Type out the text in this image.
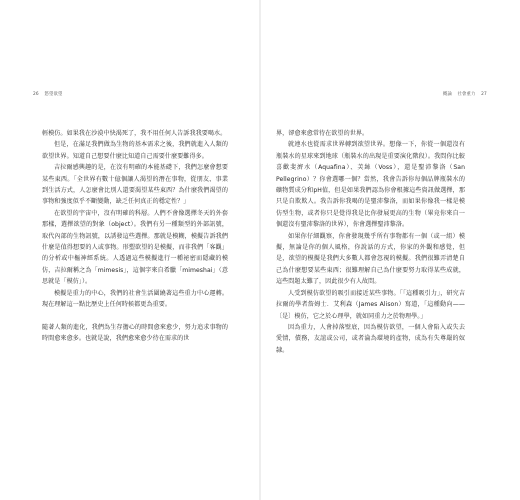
26 慾望欲望

輕模仿。如果我在沙漠中快渴死了，我不用任何人告訴我我要喝水。

但是，在滿足我們做為生物的基本需求之後，我們就進入人類的欲望世界。知道自己想要什麼比知道自己需要什麼要難得多。

吉拉爾感興趣的是，在沒有明確的本能基礎下，我們怎麼會想要某些東西。「全世界有數十億個讓人渴望的潛在事物，從朋友、事業到生活方式，人怎麼會比別人還要渴望某些東西？為什麼我們渴望的事物和強度似乎不斷變動，缺乏任何真正的穩定性？」

在欲望的宇宙中，沒有明確的科層。人們不會像選擇冬天的外套那樣，選擇欲望的對象（object）。我們有另一種類型的外部訊號，取代內部的生物訊號，以誘發這些選擇。那就是模糊，模擬告訴我們什麼是值得想要的人或事物。形塑欲望的是模擬，而非我們「客觀」的分析或中樞神經系統。人透過這些模擬進行一種祕密而隱藏的模仿，吉拉爾稱之為「mimesis」，這個字來自希臘「mimeshai」（意思就是「模仿」）。

模擬是重力的中心，我們的社會生活圍繞著這些重力中心運轉。現在理解這一點比歷史上任何時候都更為重要。

隨著人類的進化，我們為生存擔心的時間愈來愈少，努力追求事物的時間愈來愈多。也就是說，我們愈來愈少待在需求的世

概論 社會重力 27

界，卻愈來愈常待在欲望的世界。

就連水也從需求世界轉到欲望世界。想像一下，你從一個還沒有瓶裝水的星球來到地球（瓶裝水的出現是重要演化階段）。我問你比較喜歡斐濟水（Aquafina）、芙絲（Voss），還是聖沛黎洛（San Pellegrino）？你會選哪一個？當然，我會告訴你每個品牌瓶裝水的礦物質成分和pH值，但是如果我們認為你會根據這些資訊做選擇，那只是自欺欺人。我告訴你我喝的是聖沛黎洛，而如果你像我一樣是模仿型生物，或者你只是覺得我是比你發展更高的生物（畢竟你來自一個還沒有聖沛黎洛的世界），你會選擇聖沛黎洛。

如果你仔細觀察，你會發現幾乎所有事物都有一個（或一組）模擬，無論是你的個人風格，你說話的方式，你家的外觀和感覺，但是，欲望的模擬是我們大多數人都會忽視的模擬。我們很難弄清楚自己為什麼想要某些東西；很難理解自己為什麼要努力取得某些成就，這些問題太難了，因此很少有人故問。

人受到模仿欲望的吸引而接近某些事物。「「這種吸引力」，研究吉拉爾的學者詹姆士．艾利森（James Alison）寫道，「這種動向——〔是〕模仿，它之於心理學，就如同重力之於物理學。」

因為重力，人會掉落壁底，因為模仿欲望，一個人會陷入或失去愛情，債務，友誼或公司，或者淪為環境的產物，成為有失尊嚴的奴隸。
